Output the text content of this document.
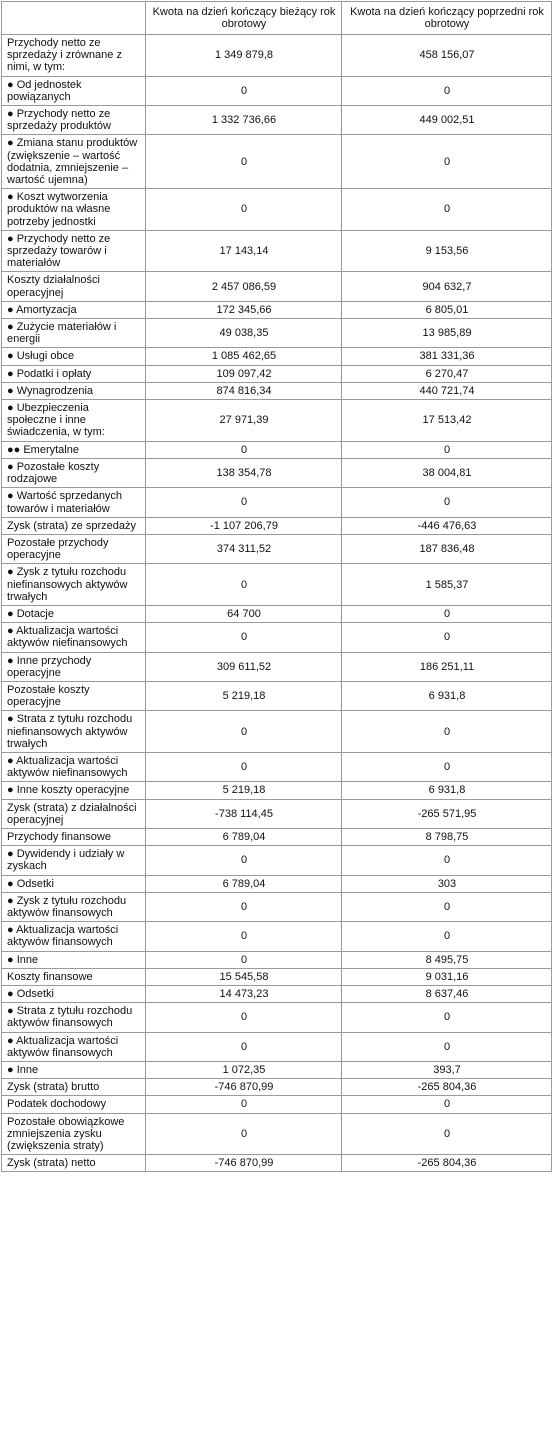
	Kwota na dzień kończący bieżący rok obrotowy	Kwota na dzień kończący poprzedni rok obrotowy
Przychody netto ze sprzedaży i zrównane z nimi, w tym:	1 349 879,8	458 156,07
● Od jednostek powiązanych	0	0
● Przychody netto ze sprzedaży produktów	1 332 736,66	449 002,51
● Zmiana stanu produktów (zwiększenie – wartość dodatnia, zmniejszenie – wartość ujemna)	0	0
● Koszt wytworzenia produktów na własne potrzeby jednostki	0	0
● Przychody netto ze sprzedaży towarów i materiałów	17 143,14	9 153,56
Koszty działalności operacyjnej	2 457 086,59	904 632,7
● Amortyzacja	172 345,66	6 805,01
● Zużycie materiałów i energii	49 038,35	13 985,89
● Usługi obce	1 085 462,65	381 331,36
● Podatki i opłaty	109 097,42	6 270,47
● Wynagrodzenia	874 816,34	440 721,74
● Ubezpieczenia społeczne i inne świadczenia, w tym:	27 971,39	17 513,42
●● Emerytalne	0	0
● Pozostałe koszty rodzajowe	138 354,78	38 004,81
● Wartość sprzedanych towarów i materiałów	0	0
Zysk (strata) ze sprzedaży	-1 107 206,79	-446 476,63
Pozostałe przychody operacyjne	374 311,52	187 836,48
● Zysk z tytułu rozchodu niefinansowych aktywów trwałych	0	1 585,37
● Dotacje	64 700	0
● Aktualizacja wartości aktywów niefinansowych	0	0
● Inne przychody operacyjne	309 611,52	186 251,11
Pozostałe koszty operacyjne	5 219,18	6 931,8
● Strata z tytułu rozchodu niefinansowych aktywów trwałych	0	0
● Aktualizacja wartości aktywów niefinansowych	0	0
● Inne koszty operacyjne	5 219,18	6 931,8
Zysk (strata) z działalności operacyjnej	-738 114,45	-265 571,95
Przychody finansowe	6 789,04	8 798,75
● Dywidendy i udziały w zyskach	0	0
● Odsetki	6 789,04	303
● Zysk z tytułu rozchodu aktywów finansowych	0	0
● Aktualizacja wartości aktywów finansowych	0	0
● Inne	0	8 495,75
Koszty finansowe	15 545,58	9 031,16
● Odsetki	14 473,23	8 637,46
● Strata z tytułu rozchodu aktywów finansowych	0	0
● Aktualizacja wartości aktywów finansowych	0	0
● Inne	1 072,35	393,7
Zysk (strata) brutto	-746 870,99	-265 804,36
Podatek dochodowy	0	0
Pozostałe obowiązkowe zmniejszenia zysku (zwiększenia straty)	0	0
Zysk (strata) netto	-746 870,99	-265 804,36
